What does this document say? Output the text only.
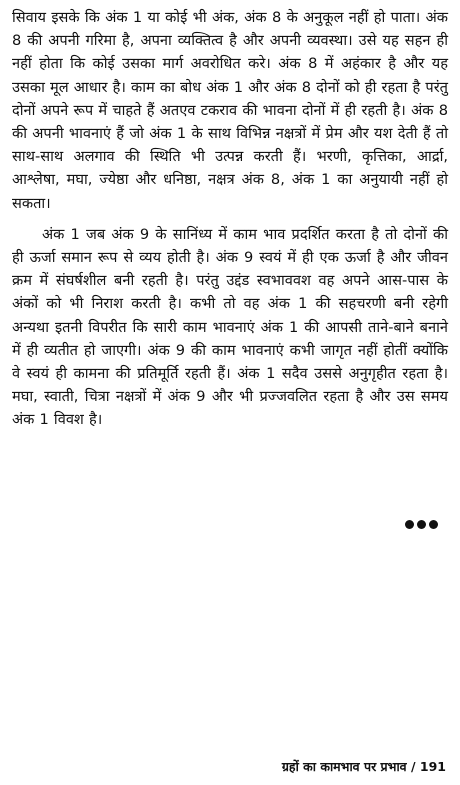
सिवाय इसके कि अंक 1 या कोई भी अंक, अंक 8 के अनुकूल नहीं हो पाता। अंक 8 की अपनी गरिमा है, अपना व्यक्तित्व है और अपनी व्यवस्था। उसे यह सहन ही नहीं होता कि कोई उसका मार्ग अवरोधित करे। अंक 8 में अहंकार है और यह उसका मूल आधार है। काम का बोध अंक 1 और अंक 8 दोनों को ही रहता है परंतु दोनों अपने रूप में चाहते हैं अतएव टकराव की भावना दोनों में ही रहती है। अंक 8 की अपनी भावनाएं हैं जो अंक 1 के साथ विभिन्न नक्षत्रों में प्रेम और यश देती हैं तो साथ-साथ अलगाव की स्थिति भी उत्पन्न करती हैं। भरणी, कृत्तिका, आर्द्रा, आश्लेषा, मघा, ज्येष्ठा और धनिष्ठा, नक्षत्र अंक 8, अंक 1 का अनुयायी नहीं हो सकता।

अंक 1 जब अंक 9 के सानिंध्य में काम भाव प्रदर्शित करता है तो दोनों की ही ऊर्जा समान रूप से व्यय होती है। अंक 9 स्वयं में ही एक ऊर्जा है और जीवन क्रम में संघर्षशील बनी रहती है। परंतु उद्दंड स्वभाववश वह अपने आस-पास के अंकों को भी निराश करती है। कभी तो वह अंक 1 की सहचरणी बनी रहेगी अन्यथा इतनी विपरीत कि सारी काम भावनाएं अंक 1 की आपसी ताने-बाने बनाने में ही व्यतीत हो जाएगी। अंक 9 की काम भावनाएं कभी जागृत नहीं होतीं क्योंकि वे स्वयं ही कामना की प्रतिमूर्ति रहती हैं। अंक 1 सदैव उससे अनुगृहीत रहता है। मघा, स्वाती, चित्रा नक्षत्रों में अंक 9 और भी प्रज्जवलित रहता है और उस समय अंक 1 विवश है।

ग्रहों का कामभाव पर प्रभाव / 191
